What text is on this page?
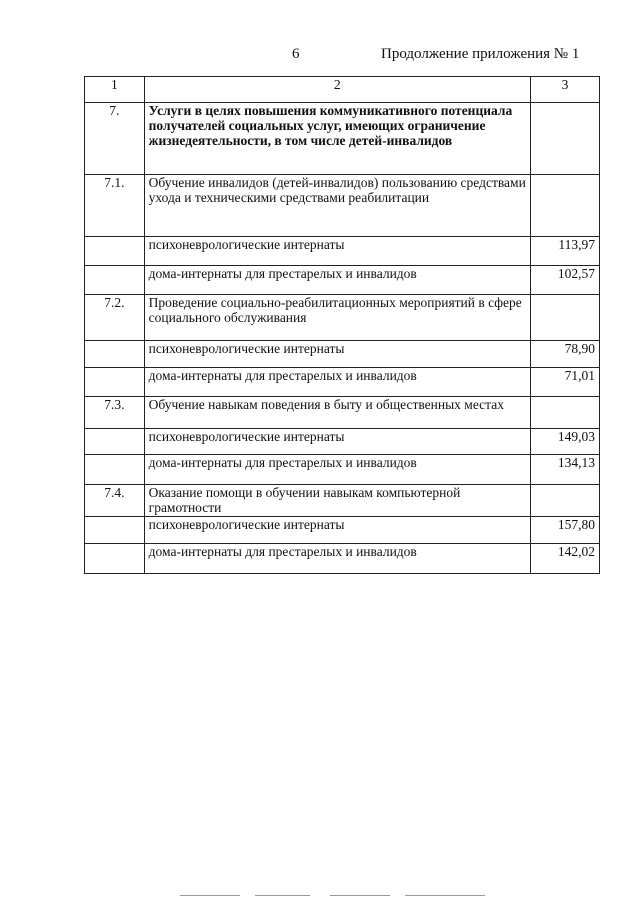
6	Продолжение приложения № 1
1	2	3
7.	Услуги в целях повышения коммуникативного потенциала получателей социальных услуг, имеющих ограничение жизнедеятельности, в том числе детей-инвалидов	
7.1.	Обучение инвалидов (детей-инвалидов) пользованию средствами ухода и техническими средствами реабилитации	
	психоневрологические интернаты	113,97
	дома-интернаты для престарелых и инвалидов	102,57
7.2.	Проведение социально-реабилитационных мероприятий в сфере социального обслуживания	
	психоневрологические интернаты	78,90
	дома-интернаты для престарелых и инвалидов	71,01
7.3.	Обучение навыкам поведения в быту и общественных местах	
	психоневрологические интернаты	149,03
	дома-интернаты для престарелых и инвалидов	134,13
7.4.	Оказание помощи в обучении навыкам компьютерной грамотности	
	психоневрологические интернаты	157,80
	дома-интернаты для престарелых и инвалидов	142,02
